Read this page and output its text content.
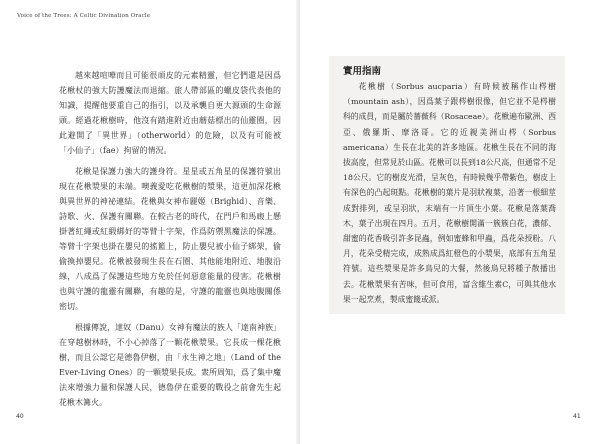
Voice of the Trees: A Celtic Divination Oracle

越來越喧嘩而且可能很頑皮的元素精靈，但它們還是因爲花楸杖的強大防護魔法而退縮。旅人帶部區的蠟皮袋代表他的知識，提醒他要重自己的指引，以及承襲自更大源頭的生命源頭。經過花楸樹時，他沒有踏進附近由蘑菇標出的仙靈圈，因此避開了「異世界」（otherworld）的危險，以及有可能被「小仙子」（fae）拘留的情況。

花楸是保護力強大的護身符。星星或五角星的保護符號出現在花楸漿果的末端。噢義愛吃花楸樹的漿果，這更加深花楸與異世界的神祕連結。花楸與女神布麗姬（Brighid）、音樂、詩歌、火、保護有關聯。在較古老的時代，在門戶和馬廄上懸掛著紅繩或紅緞綁好的等臂十字架，作爲防禦黑魔法的保護。等臂十字架也掛在嬰兒的搖籃上，防止嬰兒被小仙子綁架，偷偷換掉嬰兒。花楸被發現生長在石圈、其他能地附近、地腹沿線，八成爲了保護這些地方免於任何惡意能量的侵害。花楸樹也與守護的龍靈有關聯，有趣的是，守護的龍靈也與地腹關係密切。

根據傳說，達奴（Danu）女神有魔法的族人「達南神族」在穿越樹林時，不小心掉落了一顆花楸漿果。它長成一棵花楸樹，而且公認它是德魯伊樹，由「永生神之地」（Land of the Ever-Living Ones）的一顆漿果長成。衆所周知，爲了集中魔法來增強力量和保護人民，德魯伊在重要的戰役之前會先生起花楸木篝火。

40	41
實用指南

花楸樹（Sorbus aucparia）有時候被稱作山梣樹（mountain ash），因爲葉子跟梣樹很像，但它並不是梣樹科的成員，而是屬於薔薇科（Rosaceae）。花楸遍布歐洲、西亞、俄羅斯、摩洛哥。它的近親美洲山梣（Sorbus americana）生長在北美的許多地區。花楸生長在不同的海拔高度，但常見於山區。花楸可以長到18公尺高，但通常不足18公尺。它的樹皮光滑，呈灰色，有時候幾乎帶紫色，樹皮上有深色的凸起斑點。花楸樹的葉片是羽狀複葉，沿著一根細莖成對排列，或呈羽狀，末端有一片頂生小葉。花楸是落葉喬木，葉子出現在四月。五月，花楸樹開滿一簇簇白花，濃郁、甜蜜的花香吸引許多昆蟲，例如蜜蜂和甲蟲，爲花朵授粉。八月，花朵受精完成，成熟成爲紅橙色的小漿果，底部有五角星符號。這些漿果是許多鳥兒的大餐，然後鳥兒將種子散播出去。花楸漿果有苦味，但可食用，富含維生素C，可與其他水果一起烹煮，製成蜜餞或派。
